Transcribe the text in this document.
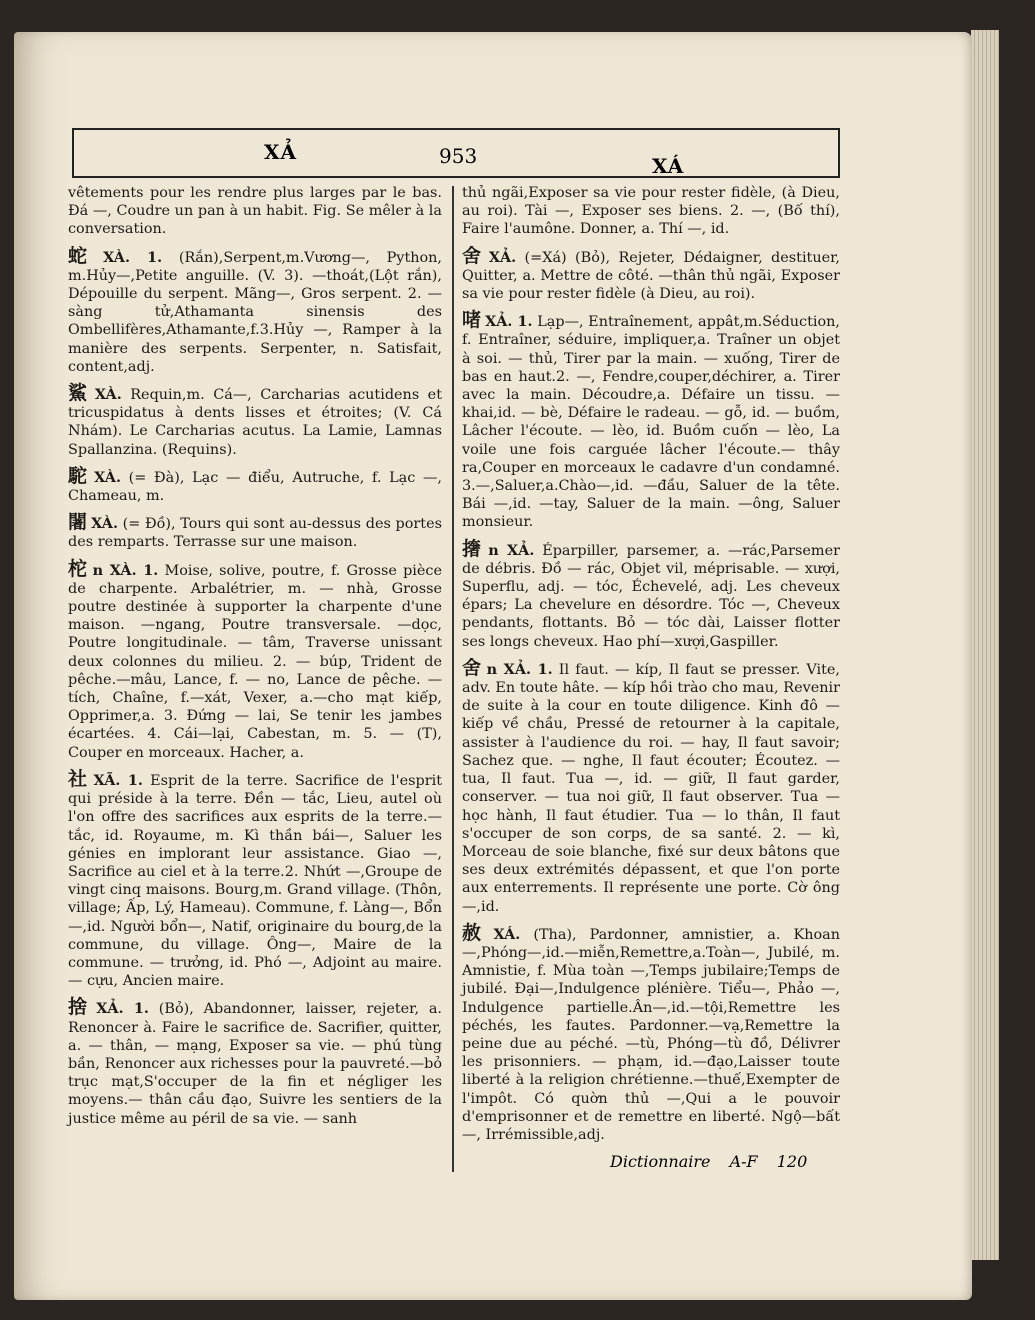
XẢ	953	XÁ

vêtements pour les rendre plus larges par le bas. Đá —, Coudre un pan à un habit. Fig. Se mêler à la conversation.

蛇 XÀ. 1. (Rắn),Serpent,m.Vương—, Python, m.Hủy—,Petite anguille. (V. 3). —thoát,(Lột rắn), Dépouille du serpent. Mãng—, Gros serpent. 2. — sàng tử,Athamanta sinensis des Ombellifères,Athamante,f.3.Hủy —, Ramper à la manière des serpents. Serpenter, n. Satisfait, content,adj.

鯊 XÀ. Requin,m. Cá—, Carcharias acutidens et tricuspidatus à dents lisses et étroites; (V. Cá Nhám). Le Carcharias acutus. La Lamie, Lamnas Spallanzina. (Requins).

駝 XÀ. (= Đà), Lạc — điểu, Autruche, f. Lạc —, Chameau, m.

闍 XÀ. (= Đồ), Tours qui sont au-dessus des portes des remparts. Terrasse sur une maison.

柁 n XÀ. 1. Moise, solive, poutre, f. Grosse pièce de charpente. Arbalétrier, m. — nhà, Grosse poutre destinée à supporter la charpente d'une maison. —ngang, Poutre transversale. —dọc, Poutre longitudinale. — tâm, Traverse unissant deux colonnes du milieu. 2. — búp, Trident de pêche.—mâu, Lance, f. — no, Lance de pêche. —tích, Chaîne, f.—xát, Vexer, a.—cho mạt kiếp, Opprimer,a. 3. Đứng — lai, Se tenir les jambes écartées. 4. Cái—lại, Cabestan, m. 5. — (T), Couper en morceaux. Hacher, a.

社 XÃ. 1. Esprit de la terre. Sacrifice de l'esprit qui préside à la terre. Đền — tắc, Lieu, autel où l'on offre des sacrifices aux esprits de la terre.— tắc, id. Royaume, m. Kì thần bái—, Saluer les génies en implorant leur assistance. Giao —, Sacrifice au ciel et à la terre.2. Nhứt —,Groupe de vingt cinq maisons. Bourg,m. Grand village. (Thôn, village; Ấp, Lý, Hameau). Commune, f. Làng—, Bổn —,id. Người bổn—, Natif, originaire du bourg,de la commune, du village. Ông—, Maire de la commune. — trưởng, id. Phó —, Adjoint au maire.— cựu, Ancien maire.

捨 XẢ. 1. (Bỏ), Abandonner, laisser, rejeter, a. Renoncer à. Faire le sacrifice de. Sacrifier, quitter, a. — thân, — mạng, Exposer sa vie. — phú tùng bần, Renoncer aux richesses pour la pauvreté.—bỏ trục mạt,S'occuper de la fin et négliger les moyens.— thân cầu đạo, Suivre les sentiers de la justice même au péril de sa vie. — sanh

thủ ngãi,Exposer sa vie pour rester fidèle, (à Dieu, au roi). Tài —, Exposer ses biens. 2. —, (Bố thí), Faire l'aumône. Donner, a. Thí —, id.

舍 XẢ. (=Xá) (Bỏ), Rejeter, Dédaigner, destituer, Quitter, a. Mettre de côté. —thân thủ ngãi, Exposer sa vie pour rester fidèle (à Dieu, au roi).

啫 XẢ. 1. Lạp—, Entraînement, appât,m.Séduction, f. Entraîner, séduire, impliquer,a. Traîner un objet à soi. — thủ, Tirer par la main. — xuống, Tirer de bas en haut.2. —, Fendre,couper,déchirer, a. Tirer avec la main. Découdre,a. Défaire un tissu. —khai,id. — bè, Défaire le radeau. — gỗ, id. — buồm, Lâcher l'écoute. — lèo, id. Buồm cuốn — lèo, La voile une fois carguée lâcher l'écoute.— thây ra,Couper en morceaux le cadavre d'un condamné. 3.—,Saluer,a.Chào—,id. —đầu, Saluer de la tête. Bái —,id. —tay, Saluer de la main. —ông, Saluer monsieur.

撦 n XẢ. Éparpiller, parsemer, a. —rác,Parsemer de débris. Đồ — rác, Objet vil, méprisable. — xượi, Superflu, adj. — tóc, Échevelé, adj. Les cheveux épars; La chevelure en désordre. Tóc —, Cheveux pendants, flottants. Bỏ — tóc dài, Laisser flotter ses longs cheveux. Hao phí—xượi,Gaspiller.

舍 n XẢ. 1. Il faut. — kíp, Il faut se presser. Vite, adv. En toute hâte. — kíp hồi trào cho mau, Revenir de suite à la cour en toute diligence. Kinh đô — kiếp về chầu, Pressé de retourner à la capitale, assister à l'audience du roi. — hay, Il faut savoir; Sachez que. — nghe, Il faut écouter; Écoutez. — tua, Il faut. Tua —, id. — giữ, Il faut garder, conserver. — tua noi giữ, Il faut observer. Tua — học hành, Il faut étudier. Tua — lo thân, Il faut s'occuper de son corps, de sa santé. 2. — kì, Morceau de soie blanche, fixé sur deux bâtons que ses deux extrémités dépassent, et que l'on porte aux enterrements. Il représente une porte. Cờ ông—,id.

赦 XÁ. (Tha), Pardonner, amnistier, a. Khoan —,Phóng—,id.—miễn,Remettre,a.Toàn—, Jubilé, m. Amnistie, f. Mùa toàn —,Temps jubilaire;Temps de jubilé. Đại—,Indulgence plénière. Tiểu—, Phảo —, Indulgence partielle.Ân—,id.—tội,Remettre les péchés, les fautes. Pardonner.—vạ,Remettre la peine due au péché. —tù, Phóng—tù đồ, Délivrer les prisonniers. — phạm, id.—đạo,Laisser toute liberté à la religion chrétienne.—thuế,Exempter de l'impôt. Có quờn thủ —,Qui a le pouvoir d'emprisonner et de remettre en liberté. Ngộ—bất —, Irrémissible,adj.

Dictionnaire A-F 120
